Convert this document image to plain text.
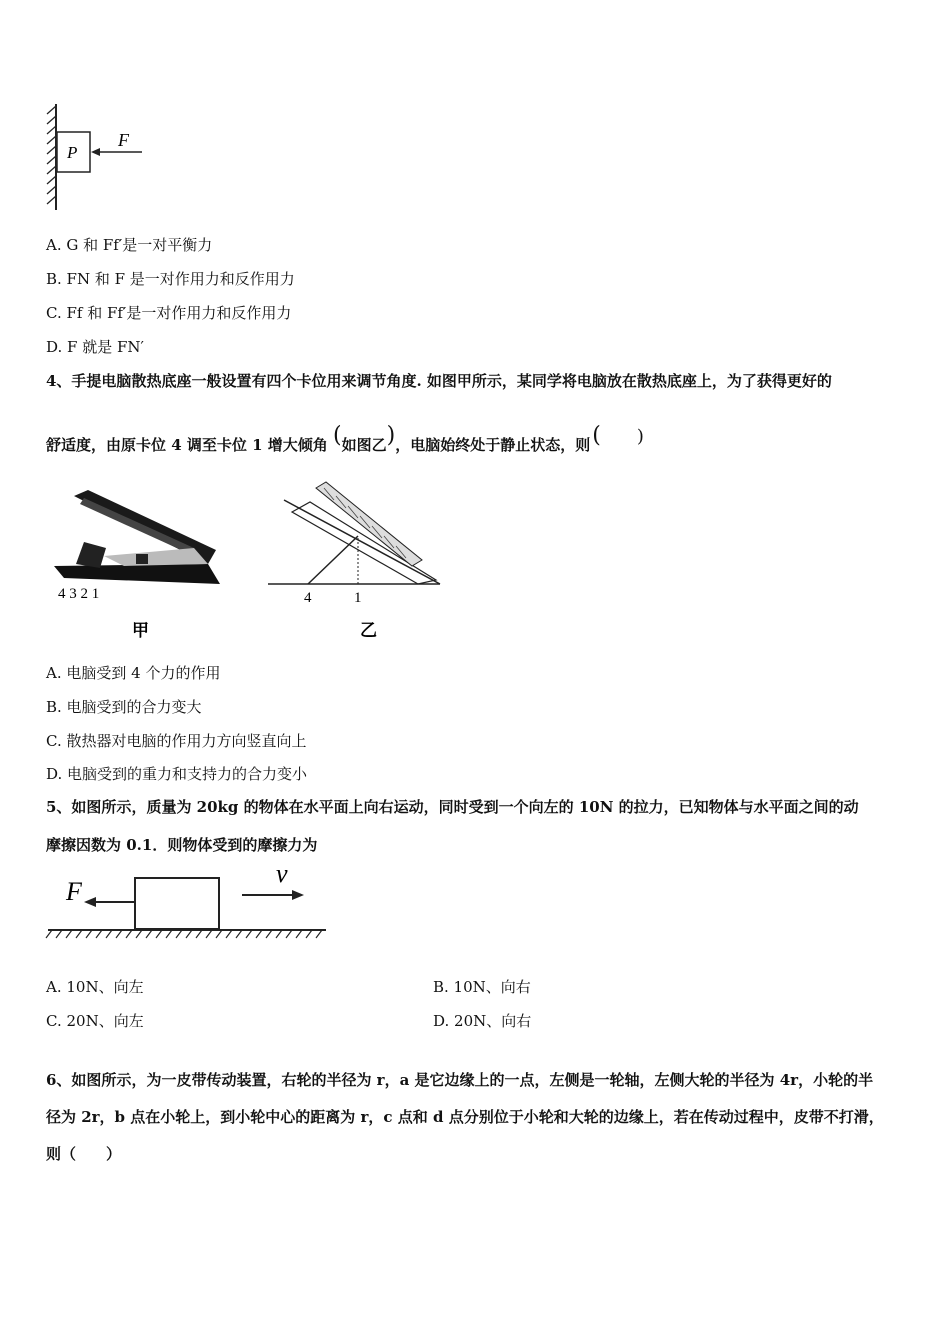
P
F
A. G 和 Ff′是一对平衡力
B. FN 和 F 是一对作用力和反作用力
C. Ff 和 Ff′是一对作用力和反作用力
D. F 就是 FN′
4、手提电脑散热底座一般设置有四个卡位用来调节角度. 如图甲所示，某同学将电脑放在散热底座上，为了获得更好的
舒适度，由原卡位 4 调至卡位 1 增大倾角 (如图乙)，电脑始终处于静止状态，则( )
4 3 2 1
甲
4	1
乙
A. 电脑受到 4 个力的作用
B. 电脑受到的合力变大
C. 散热器对电脑的作用力方向竖直向上
D. 电脑受到的重力和支持力的合力变小
5、如图所示，质量为 20kg 的物体在水平面上向右运动，同时受到一个向左的 10N 的拉力，已知物体与水平面之间的动
摩擦因数为 0.1．则物体受到的摩擦力为
F
v
A. 10N、向左	B. 10N、向右
C. 20N、向左	D. 20N、向右
6、如图所示，为一皮带传动装置，右轮的半径为 r，a 是它边缘上的一点，左侧是一轮轴，左侧大轮的半径为 4r，小轮的半
径为 2r，b 点在小轮上，到小轮中心的距离为 r，c 点和 d 点分别位于小轮和大轮的边缘上，若在传动过程中，皮带不打滑，
则（　　）
